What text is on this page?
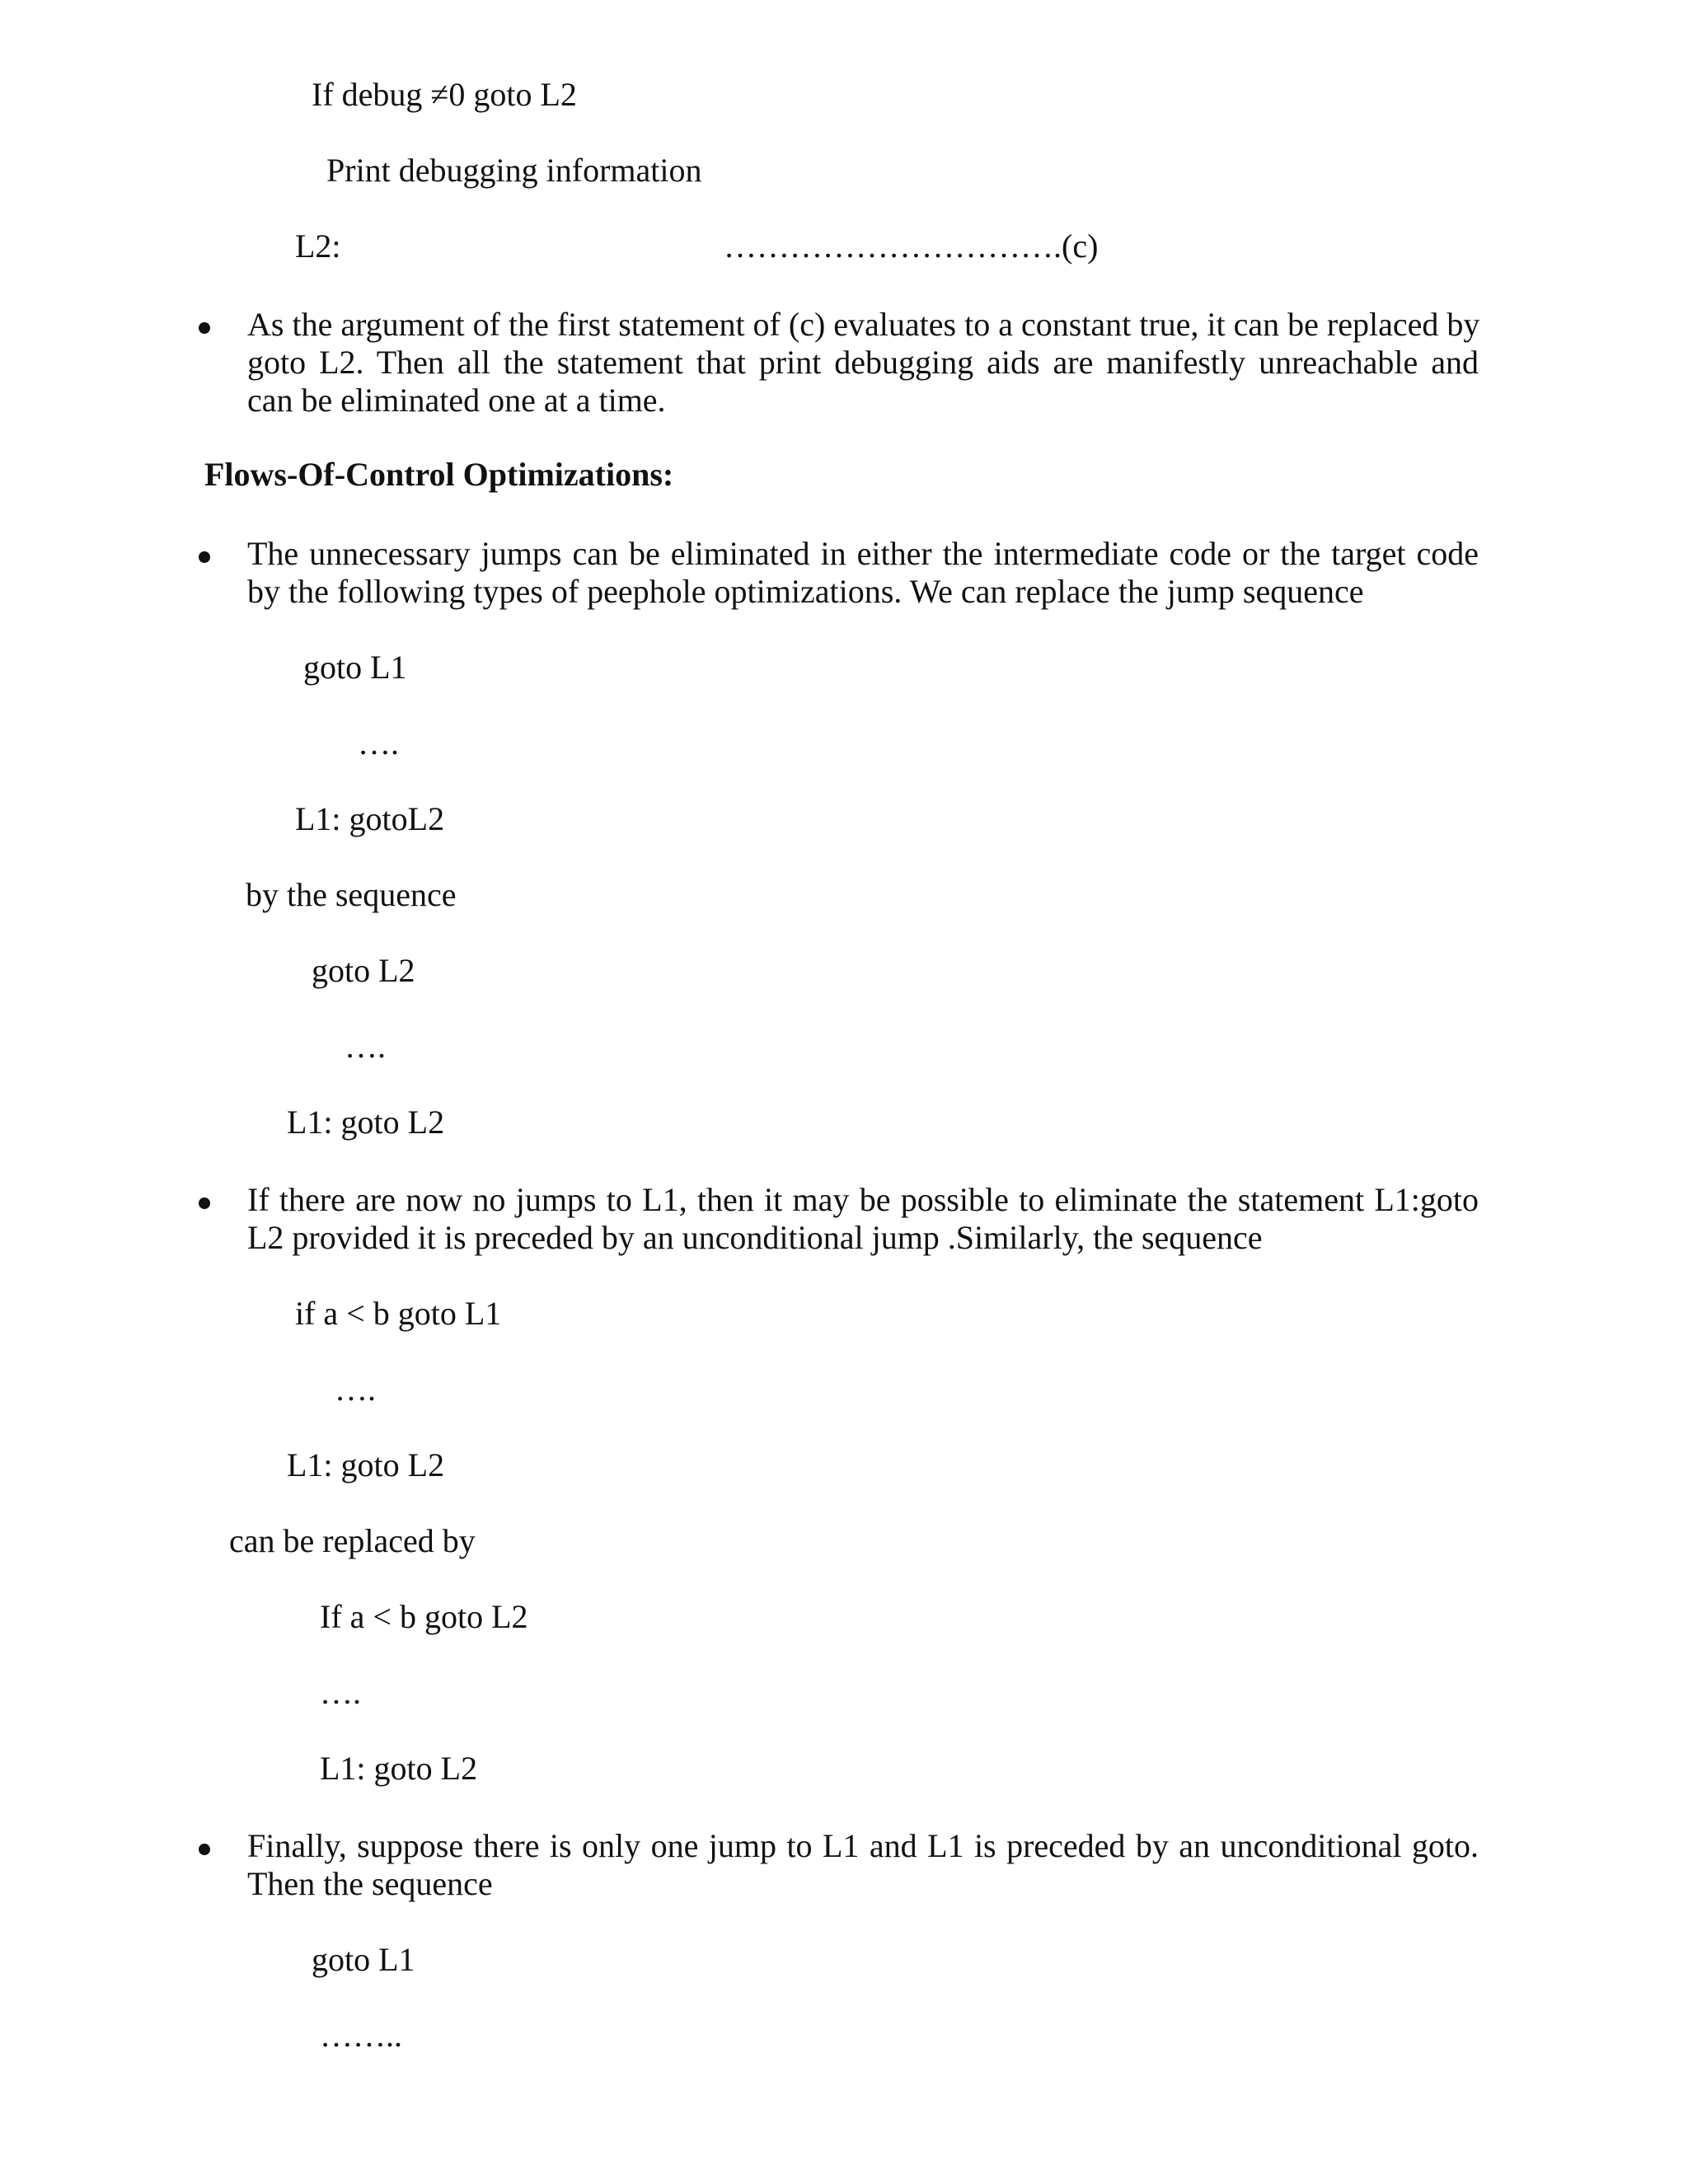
If debug ≠0 goto L2
Print debugging information
L2:	………………………….(c)
As the argument of the first statement of (c) evaluates to a constant true, it can be replaced by
goto L2. Then all the statement that print debugging aids are manifestly unreachable and
can be eliminated one at a time.
Flows-Of-Control Optimizations:
The unnecessary jumps can be eliminated in either the intermediate code or the target code
by the following types of peephole optimizations. We can replace the jump sequence
goto L1
….
L1: gotoL2
by the sequence
goto L2
….
L1: goto L2
If there are now no jumps to L1, then it may be possible to eliminate the statement L1:goto
L2 provided it is preceded by an unconditional jump .Similarly, the sequence
if a < b goto L1
….
L1: goto L2
can be replaced by
If a < b goto L2
….
L1: goto L2
Finally, suppose there is only one jump to L1 and L1 is preceded by an unconditional goto.
Then the sequence
goto L1
……..
